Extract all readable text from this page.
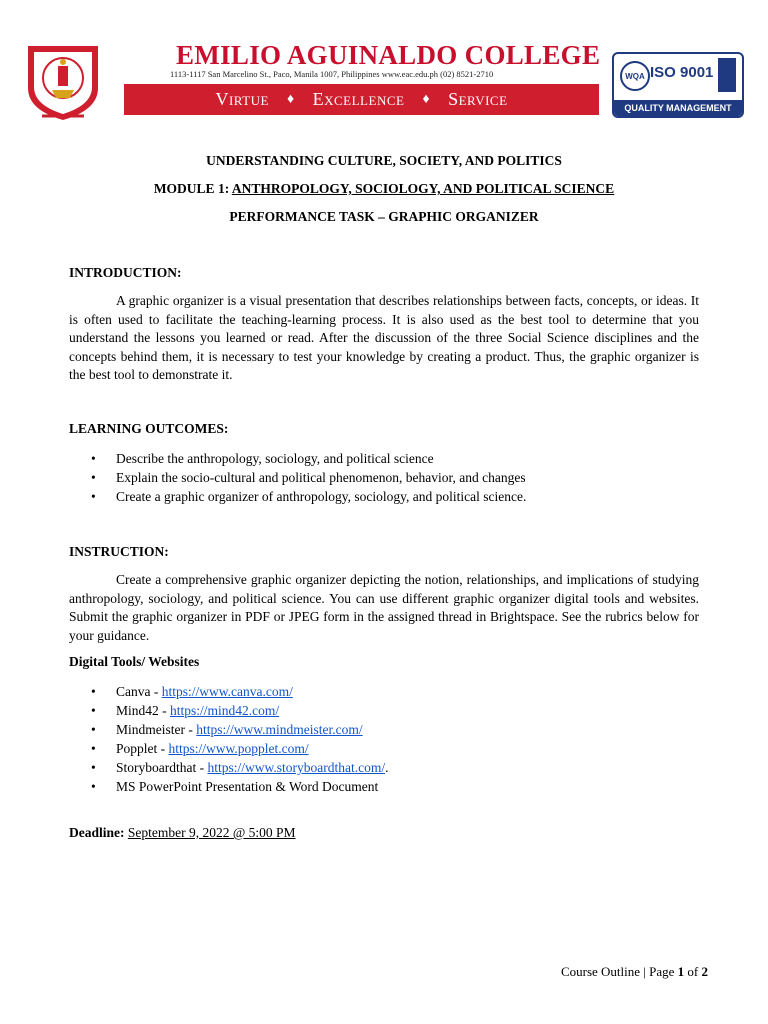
EMILIO AGUINALDO COLLEGE
1113-1117 San Marcelino St., Paco, Manila 1007, Philippines www.eac.edu.ph (02) 8521-2710
Virtue ♦ Excellence ♦ Service
WQA ISO 9001
QUALITY MANAGEMENT
UNDERSTANDING CULTURE, SOCIETY, AND POLITICS
MODULE 1: ANTHROPOLOGY, SOCIOLOGY, AND POLITICAL SCIENCE
PERFORMANCE TASK – GRAPHIC ORGANIZER
INTRODUCTION:

A graphic organizer is a visual presentation that describes relationships between facts, concepts, or ideas. It is often used to facilitate the teaching-learning process. It is also used as the best tool to determine that you understand the lessons you learned or read. After the discussion of the three Social Science disciplines and the concepts behind them, it is necessary to test your knowledge by creating a product. Thus, the graphic organizer is the best tool to demonstrate it.

LEARNING OUTCOMES:
• Describe the anthropology, sociology, and political science
• Explain the socio-cultural and political phenomenon, behavior, and changes
• Create a graphic organizer of anthropology, sociology, and political science.
INSTRUCTION:

Create a comprehensive graphic organizer depicting the notion, relationships, and implications of studying anthropology, sociology, and political science. You can use different graphic organizer digital tools and websites. Submit the graphic organizer in PDF or JPEG form in the assigned thread in Brightspace. See the rubrics below for your guidance.

Digital Tools/ Websites
• Canva - https://www.canva.com/
• Mind42 - https://mind42.com/
• Mindmeister - https://www.mindmeister.com/
• Popplet - https://www.popplet.com/
• Storyboardthat - https://www.storyboardthat.com/.
• MS PowerPoint Presentation & Word Document
Deadline: September 9, 2022 @ 5:00 PM
Course Outline | Page 1 of 2
